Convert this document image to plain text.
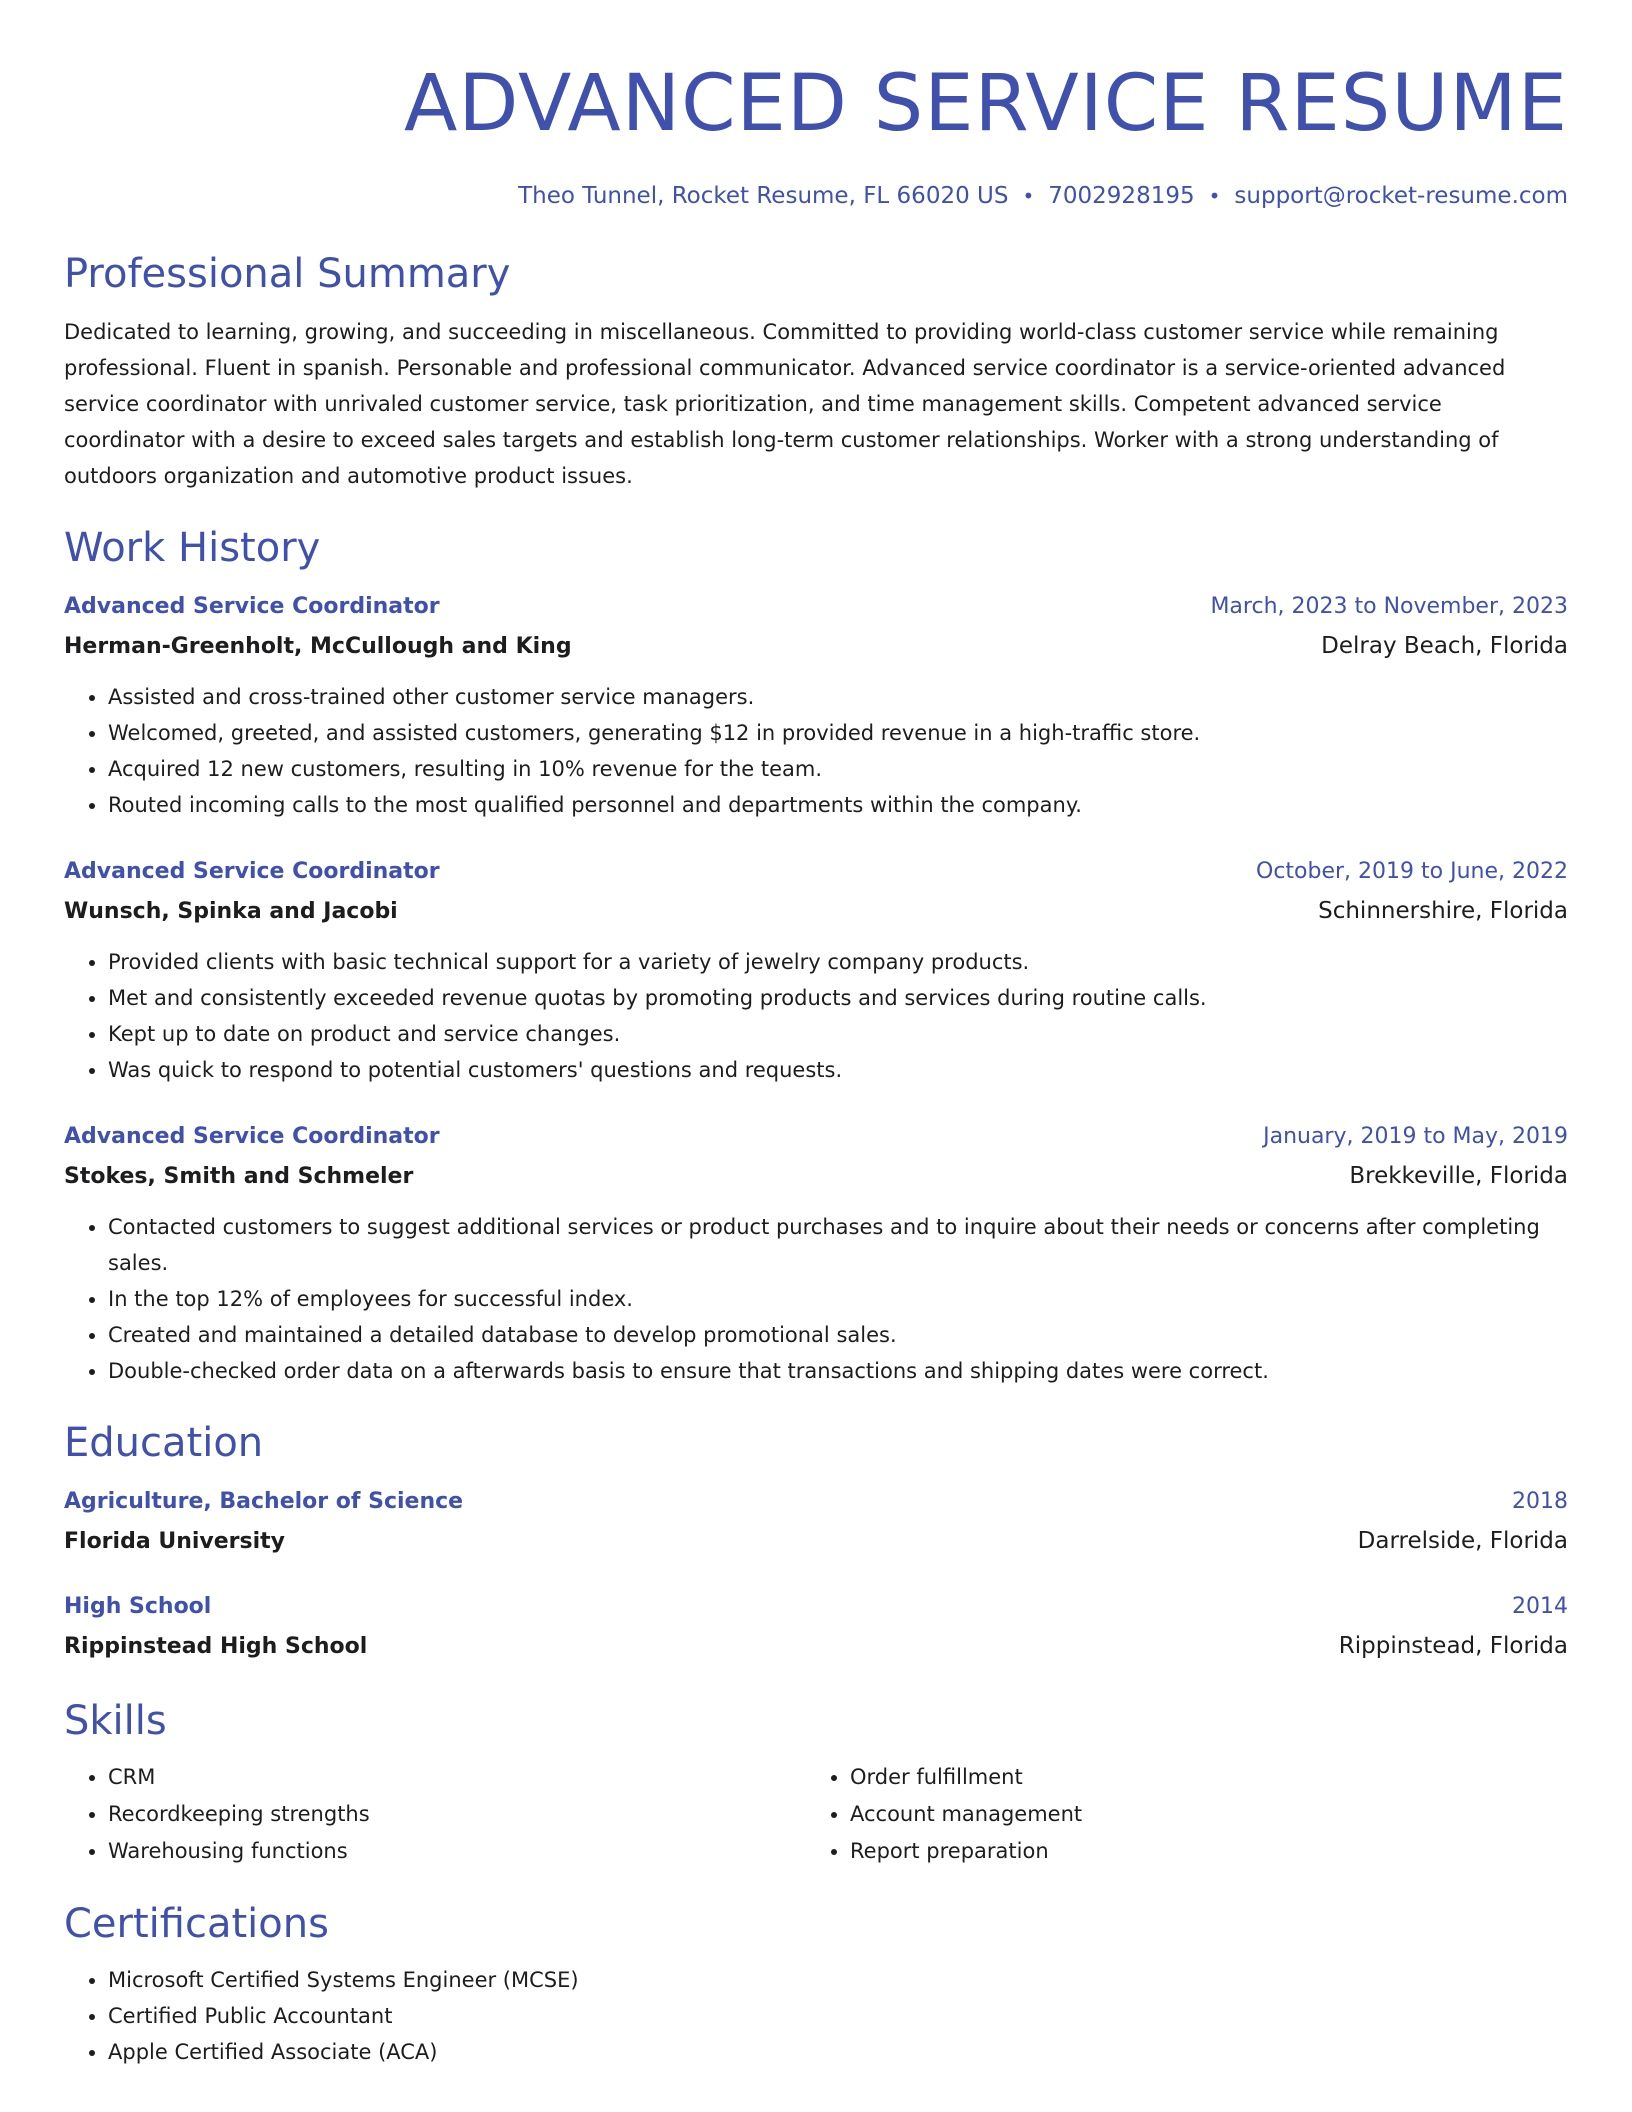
ADVANCED SERVICE RESUME
Theo Tunnel, Rocket Resume, FL 66020 US • 7002928195 • support@rocket-resume.com
Professional Summary
Dedicated to learning, growing, and succeeding in miscellaneous. Committed to providing world-class customer service while remaining professional. Fluent in spanish. Personable and professional communicator. Advanced service coordinator is a service-oriented advanced service coordinator with unrivaled customer service, task prioritization, and time management skills. Competent advanced service coordinator with a desire to exceed sales targets and establish long-term customer relationships. Worker with a strong understanding of outdoors organization and automotive product issues.
Work History
Advanced Service Coordinator	March, 2023 to November, 2023
Herman-Greenholt, McCullough and King	Delray Beach, Florida
• Assisted and cross-trained other customer service managers.
• Welcomed, greeted, and assisted customers, generating $12 in provided revenue in a high-traffic store.
• Acquired 12 new customers, resulting in 10% revenue for the team.
• Routed incoming calls to the most qualified personnel and departments within the company.
Advanced Service Coordinator	October, 2019 to June, 2022
Wunsch, Spinka and Jacobi	Schinnershire, Florida
• Provided clients with basic technical support for a variety of jewelry company products.
• Met and consistently exceeded revenue quotas by promoting products and services during routine calls.
• Kept up to date on product and service changes.
• Was quick to respond to potential customers' questions and requests.
Advanced Service Coordinator	January, 2019 to May, 2019
Stokes, Smith and Schmeler	Brekkeville, Florida
• Contacted customers to suggest additional services or product purchases and to inquire about their needs or concerns after completing sales.
• In the top 12% of employees for successful index.
• Created and maintained a detailed database to develop promotional sales.
• Double-checked order data on a afterwards basis to ensure that transactions and shipping dates were correct.
Education
Agriculture, Bachelor of Science	2018
Florida University	Darrelside, Florida
High School	2014
Rippinstead High School	Rippinstead, Florida
Skills
• CRM
• Recordkeeping strengths
• Warehousing functions
• Order fulfillment
• Account management
• Report preparation
Certifications
• Microsoft Certified Systems Engineer (MCSE)
• Certified Public Accountant
• Apple Certified Associate (ACA)
